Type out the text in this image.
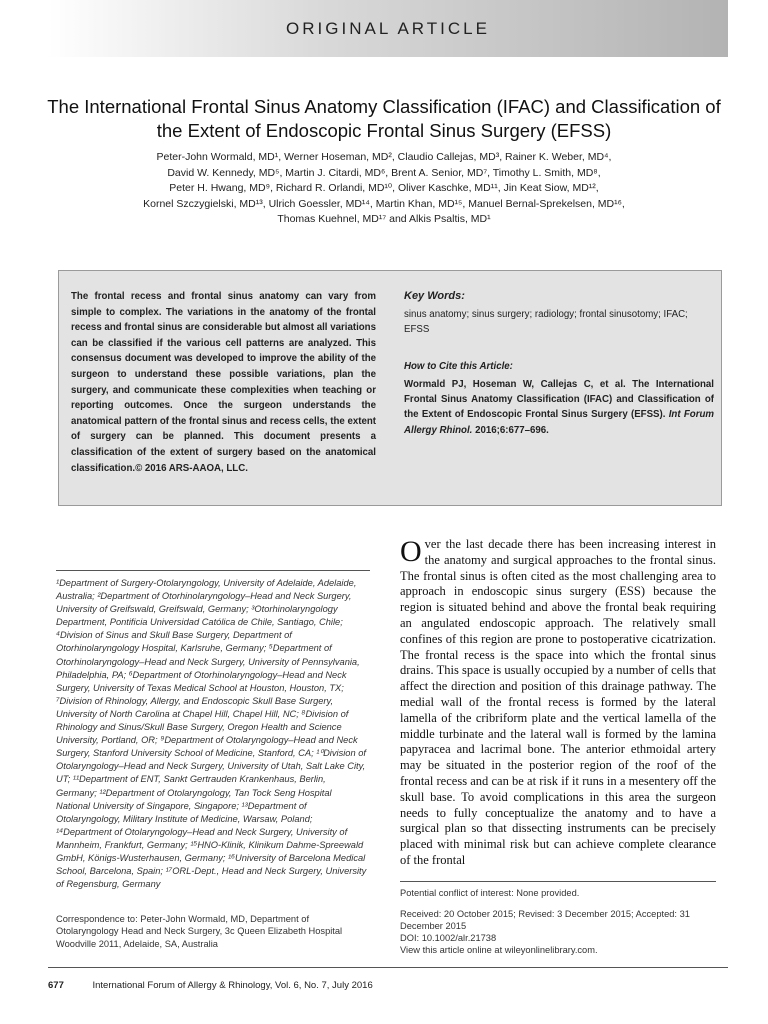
ORIGINAL ARTICLE
The International Frontal Sinus Anatomy Classification (IFAC) and Classification of the Extent of Endoscopic Frontal Sinus Surgery (EFSS)
Peter-John Wormald, MD¹, Werner Hoseman, MD², Claudio Callejas, MD³, Rainer K. Weber, MD⁴,
David W. Kennedy, MD⁵, Martin J. Citardi, MD⁶, Brent A. Senior, MD⁷, Timothy L. Smith, MD⁸,
Peter H. Hwang, MD⁹, Richard R. Orlandi, MD¹⁰, Oliver Kaschke, MD¹¹, Jin Keat Siow, MD¹²,
Kornel Szczygielski, MD¹³, Ulrich Goessler, MD¹⁴, Martin Khan, MD¹⁵, Manuel Bernal-Sprekelsen, MD¹⁶,
Thomas Kuehnel, MD¹⁷ and Alkis Psaltis, MD¹
The frontal recess and frontal sinus anatomy can vary from simple to complex. The variations in the anatomy of the frontal recess and frontal sinus are considerable but almost all variations can be classified if the various cell patterns are analyzed. This consensus document was developed to improve the ability of the surgeon to understand these possible variations, plan the surgery, and communicate these complexities when teaching or reporting outcomes. Once the surgeon understands the anatomical pattern of the frontal sinus and recess cells, the extent of surgery can be planned. This document presents a classification of the extent of surgery based on the anatomical classification.© 2016 ARS-AAOA, LLC.
Key Words:
sinus anatomy; sinus surgery; radiology; frontal sinusotomy; IFAC; EFSS
How to Cite this Article:
Wormald PJ, Hoseman W, Callejas C, et al. The International Frontal Sinus Anatomy Classification (IFAC) and Classification of the Extent of Endoscopic Frontal Sinus Surgery (EFSS). Int Forum Allergy Rhinol. 2016;6:677–696.
¹Department of Surgery-Otolaryngology, University of Adelaide, Adelaide, Australia; ²Department of Otorhinolaryngology–Head and Neck Surgery, University of Greifswald, Greifswald, Germany; ³Otorhinolaryngology Department, Pontificia Universidad Católica de Chile, Santiago, Chile; ⁴Division of Sinus and Skull Base Surgery, Department of Otorhinolaryngology Hospital, Karlsruhe, Germany; ⁵Department of Otorhinolaryngology–Head and Neck Surgery, University of Pennsylvania, Philadelphia, PA; ⁶Department of Otorhinolaryngology–Head and Neck Surgery, University of Texas Medical School at Houston, Houston, TX; ⁷Division of Rhinology, Allergy, and Endoscopic Skull Base Surgery, University of North Carolina at Chapel Hill, Chapel Hill, NC; ⁸Division of Rhinology and Sinus/Skull Base Surgery, Oregon Health and Science University, Portland, OR; ⁹Department of Otolaryngology–Head and Neck Surgery, Stanford University School of Medicine, Stanford, CA; ¹⁰Division of Otolaryngology–Head and Neck Surgery, University of Utah, Salt Lake City, UT; ¹¹Department of ENT, Sankt Gertrauden Krankenhaus, Berlin, Germany; ¹²Department of Otolaryngology, Tan Tock Seng Hospital National University of Singapore, Singapore; ¹³Department of Otolaryngology, Military Institute of Medicine, Warsaw, Poland; ¹⁴Department of Otolaryngology–Head and Neck Surgery, University of Mannheim, Frankfurt, Germany; ¹⁵HNO-Klinik, Klinikum Dahme-Spreewald GmbH, Königs-Wusterhausen, Germany; ¹⁶University of Barcelona Medical School, Barcelona, Spain; ¹⁷ORL-Dept., Head and Neck Surgery, University of Regensburg, Germany
Correspondence to: Peter-John Wormald, MD, Department of Otolaryngology Head and Neck Surgery, 3c Queen Elizabeth Hospital Woodville 2011, Adelaide, SA, Australia
Over the last decade there has been increasing interest in the anatomy and surgical approaches to the frontal sinus. The frontal sinus is often cited as the most challenging area to approach in endoscopic sinus surgery (ESS) because the region is situated behind and above the frontal beak requiring an angulated endoscopic approach. The relatively small confines of this region are prone to postoperative cicatrization. The frontal recess is the space into which the frontal sinus drains. This space is usually occupied by a number of cells that affect the direction and position of this drainage pathway. The medial wall of the frontal recess is formed by the lateral lamella of the cribriform plate and the vertical lamella of the middle turbinate and the lateral wall is formed by the lamina papyracea and lacrimal bone. The anterior ethmoidal artery may be situated in the posterior region of the roof of the frontal recess and can be at risk if it runs in a mesentery off the skull base. To avoid complications in this area the surgeon needs to fully conceptualize the anatomy and to have a surgical plan so that dissecting instruments can be precisely placed with minimal risk but can achieve complete clearance of the frontal
Potential conflict of interest: None provided.
Received: 20 October 2015; Revised: 3 December 2015; Accepted: 31 December 2015
DOI: 10.1002/alr.21738
View this article online at wileyonlinelibrary.com.
677	International Forum of Allergy & Rhinology, Vol. 6, No. 7, July 2016
